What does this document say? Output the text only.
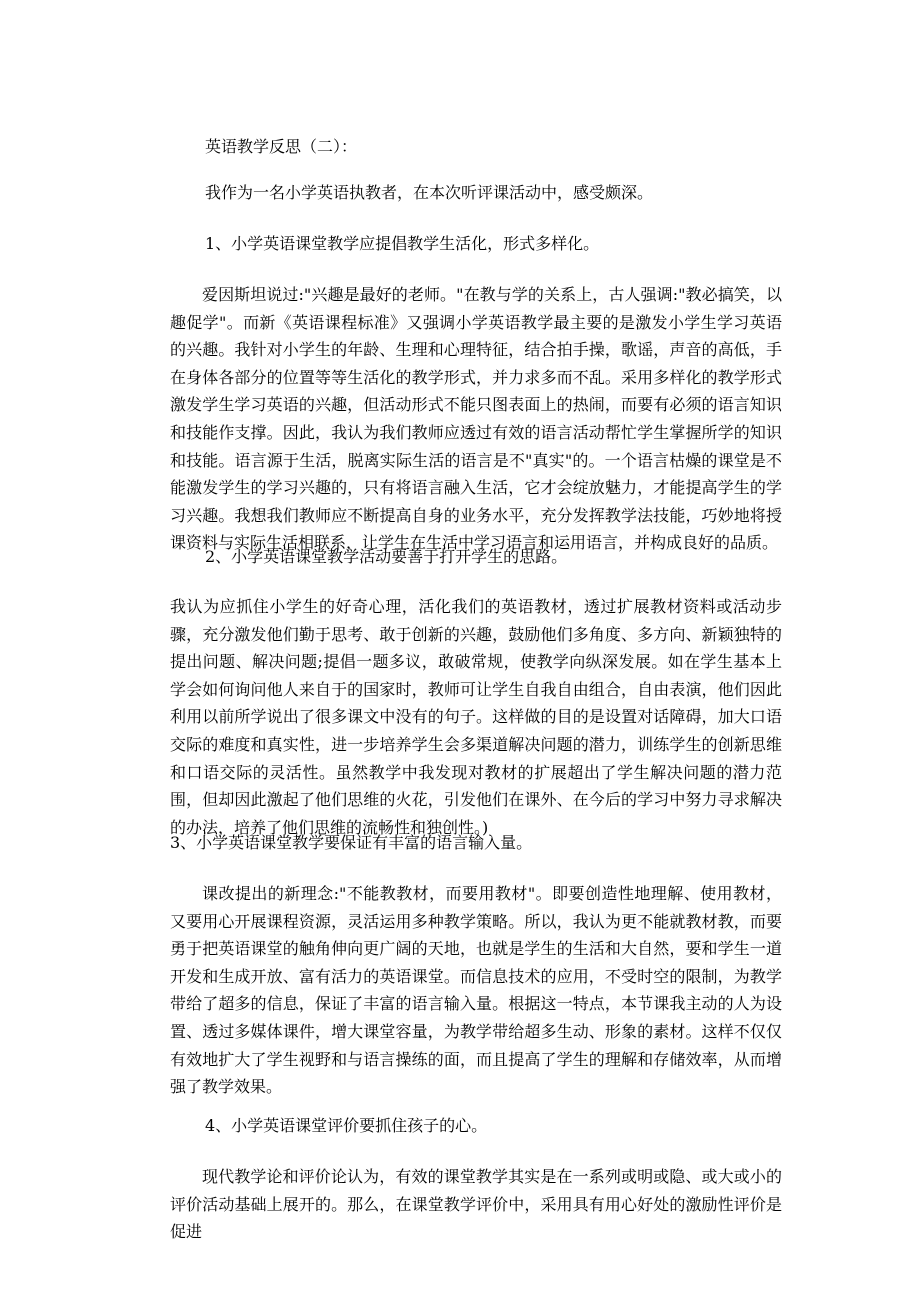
英语教学反思（二）：
我作为一名小学英语执教者，在本次听评课活动中，感受颇深。
1、小学英语课堂教学应提倡教学生活化，形式多样化。

爱因斯坦说过:"兴趣是最好的老师。"在教与学的关系上，古人强调:"教必搞笑，以趣促学"。而新《英语课程标准》又强调小学英语教学最主要的是激发小学生学习英语的兴趣。我针对小学生的年龄、生理和心理特征，结合拍手操，歌谣，声音的高低，手在身体各部分的位置等等生活化的教学形式，并力求多而不乱。采用多样化的教学形式激发学生学习英语的兴趣，但活动形式不能只图表面上的热闹，而要有必须的语言知识和技能作支撑。因此，我认为我们教师应透过有效的语言活动帮忙学生掌握所学的知识和技能。语言源于生活，脱离实际生活的语言是不"真实"的。一个语言枯燥的课堂是不能激发学生的学习兴趣的，只有将语言融入生活，它才会绽放魅力，才能提高学生的学习兴趣。我想我们教师应不断提高自身的业务水平，充分发挥教学法技能，巧妙地将授课资料与实际生活相联系，让学生在生活中学习语言和运用语言，并构成良好的品质。

2、小学英语课堂教学活动要善于打开学生的思路。

我认为应抓住小学生的好奇心理，活化我们的英语教材，透过扩展教材资料或活动步骤，充分激发他们勤于思考、敢于创新的兴趣，鼓励他们多角度、多方向、新颖独特的提出问题、解决问题;提倡一题多议，敢破常规，使教学向纵深发展。如在学生基本上学会如何询问他人来自于的国家时，教师可让学生自我自由组合，自由表演，他们因此利用以前所学说出了很多课文中没有的句子。这样做的目的是设置对话障碍，加大口语交际的难度和真实性，进一步培养学生会多渠道解决问题的潜力，训练学生的创新思维和口语交际的灵活性。虽然教学中我发现对教材的扩展超出了学生解决问题的潜力范围，但却因此激起了他们思维的火花，引发他们在课外、在今后的学习中努力寻求解决的办法，培养了他们思维的流畅性和独创性。)

3、小学英语课堂教学要保证有丰富的语言输入量。

课改提出的新理念:"不能教教材，而要用教材"。即要创造性地理解、使用教材，又要用心开展课程资源，灵活运用多种教学策略。所以，我认为更不能就教材教，而要勇于把英语课堂的触角伸向更广阔的天地，也就是学生的生活和大自然，要和学生一道开发和生成开放、富有活力的英语课堂。而信息技术的应用，不受时空的限制，为教学带给了超多的信息，保证了丰富的语言输入量。根据这一特点，本节课我主动的人为设置、透过多媒体课件，增大课堂容量，为教学带给超多生动、形象的素材。这样不仅仅有效地扩大了学生视野和与语言操练的面，而且提高了学生的理解和存储效率，从而增强了教学效果。

4、小学英语课堂评价要抓住孩子的心。

现代教学论和评价论认为，有效的课堂教学其实是在一系列或明或隐、或大或小的评价活动基础上展开的。那么，在课堂教学评价中，采用具有用心好处的激励性评价是促进
